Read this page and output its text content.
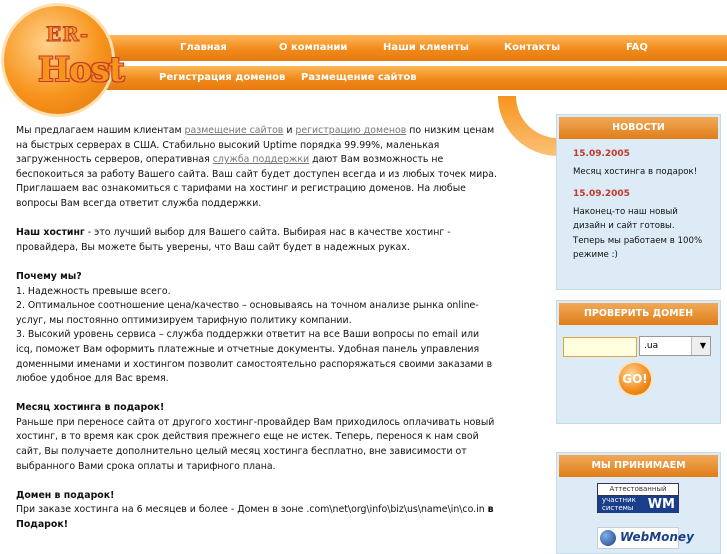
Главная	О компании	Наши клиенты	Контакты	FAQ
Регистрация доменов Размещение сайтов
ER-
Host

Мы предлагаем нашим клиентам размещение сайтов и регистрацию доменов по низким ценам на быстрых серверах в США. Стабильно высокий Uptime порядка 99.99%, маленькая загруженность серверов, оперативная служба поддержки дают Вам возможность не беспокоиться за работу Вашего сайта. Ваш сайт будет доступен всегда и из любых точек мира. Приглашаем вас ознакомиться с тарифами на хостинг и регистрацию доменов. На любые вопросы Вам всегда ответит служба поддержки.

Наш хостинг - это лучший выбор для Вашего сайта. Выбирая нас в качестве хостинг - провайдера, Вы можете быть уверены, что Ваш сайт будет в надежных руках.

Почему мы?
1. Надежность превыше всего.
2. Оптимальное соотношение цена/качество – основываясь на точном анализе рынка online-услуг, мы постоянно оптимизируем тарифную политику компании.
3. Высокий уровень сервиса – служба поддержки ответит на все Ваши вопросы по email или icq, поможет Вам оформить платежные и отчетные документы. Удобная панель управления доменными именами и хостингом позволит самостоятельно распоряжаться своими заказами в любое удобное для Вас время.

Месяц хостинга в подарок!
Раньше при переносе сайта от другого хостинг-провайдер Вам приходилось оплачивать новый хостинг, в то время как срок действия прежнего еще не истек. Теперь, перенося к нам свой сайт, Вы получаете дополнительно целый месяц хостинга бесплатно, вне зависимости от выбранного Вами срока оплаты и тарифного плана.

Домен в подарок!
При заказе хостинга на 6 месяцев и более - Домен в зоне .com\net\org\info\biz\us\name\in\co.in в Подарок!

НОВОСТИ
15.09.2005
Месяц хостинга в подарок!
15.09.2005
Наконец-то наш новый дизайн и сайт готовы. Теперь мы работаем в 100% режиме :)
ПРОВЕРИТЬ ДОМЕН
.ua	▼
GO!
МЫ ПРИНИМАЕМ
Аттестованный
участник
системы WM
WebMoney
